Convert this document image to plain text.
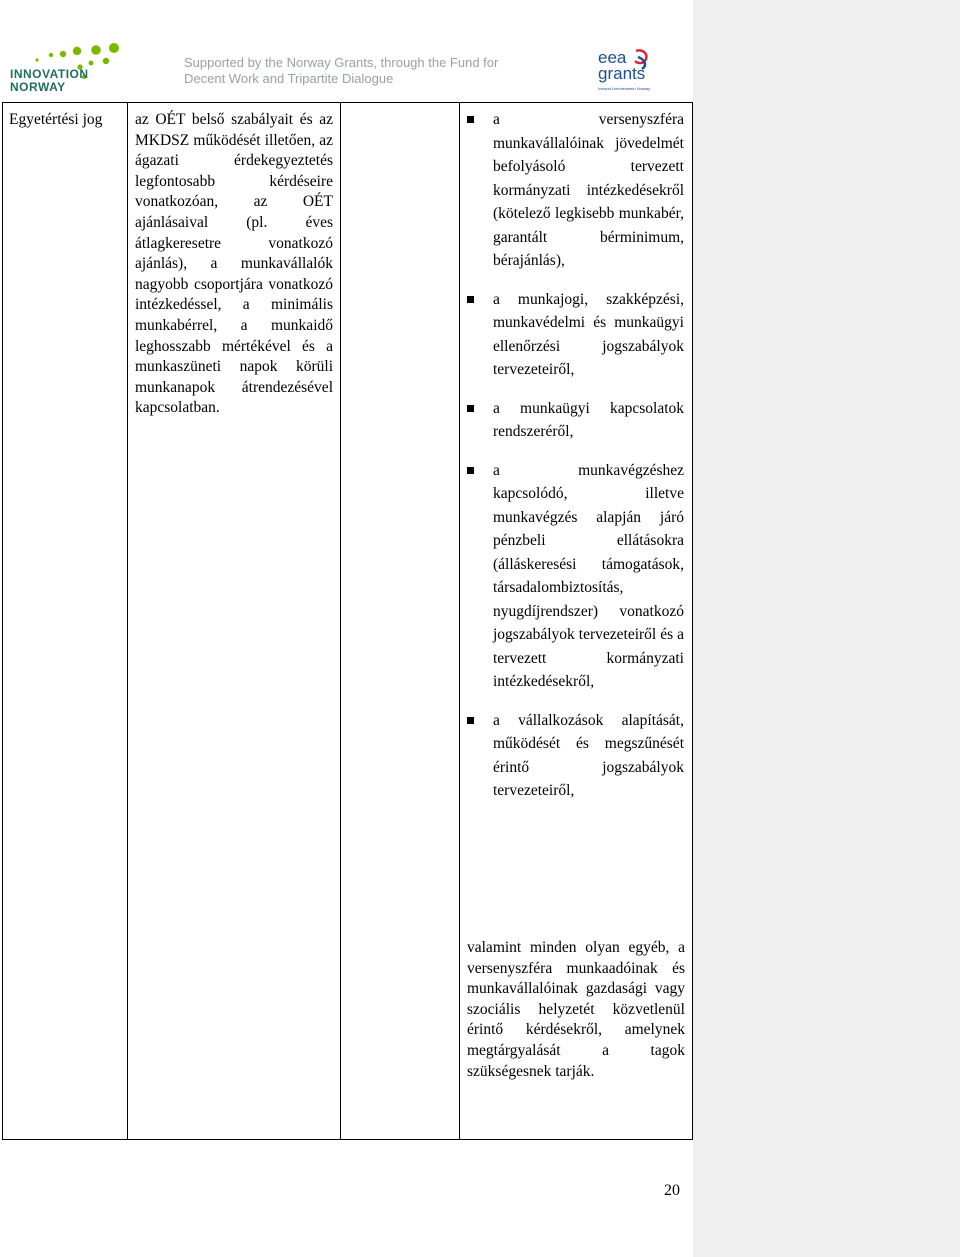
INNOVATION
NORWAY
Supported by the Norway Grants, through the Fund for
Decent Work and Tripartite Dialogue
eea
grants
Iceland Liechtenstein Norway
Egyetértési jog	az OÉT belső szabályait és az MKDSZ működését illetően, az ágazati érdekegyeztetés legfontosabb kérdéseire vonatkozóan, az OÉT ajánlásaival (pl. éves átlagkeresetre vonatkozó ajánlás), a munkavállalók nagyobb csoportjára vonatkozó intézkedéssel, a minimális munkabérrel, a munkaidő leghosszabb mértékével és a munkaszüneti napok körüli munkanapok átrendezésével kapcsolatban.
a versenyszféra munkavállalóinak jövedelmét befolyásoló tervezett kormányzati intézkedésekről (kötelező legkisebb munkabér, garantált bérminimum, bérajánlás),
a munkajogi, szakképzési, munkavédelmi és munkaügyi ellenőrzési jogszabályok tervezeteiről,
a munkaügyi kapcsolatok rendszeréről,
a munkavégzéshez kapcsolódó, illetve munkavégzés alapján járó pénzbeli ellátásokra (álláskeresési támogatások, társadalombiztosítás, nyugdíjrendszer) vonatkozó jogszabályok tervezeteiről és a tervezett kormányzati intézkedésekről,
a vállalkozások alapítását, működését és megszűnését érintő jogszabályok tervezeteiről,
valamint minden olyan egyéb, a versenyszféra munkaadóinak és munkavállalóinak gazdasági vagy szociális helyzetét közvetlenül érintő kérdésekről, amelynek megtárgyalását a tagok szükségesnek tarják.
20
